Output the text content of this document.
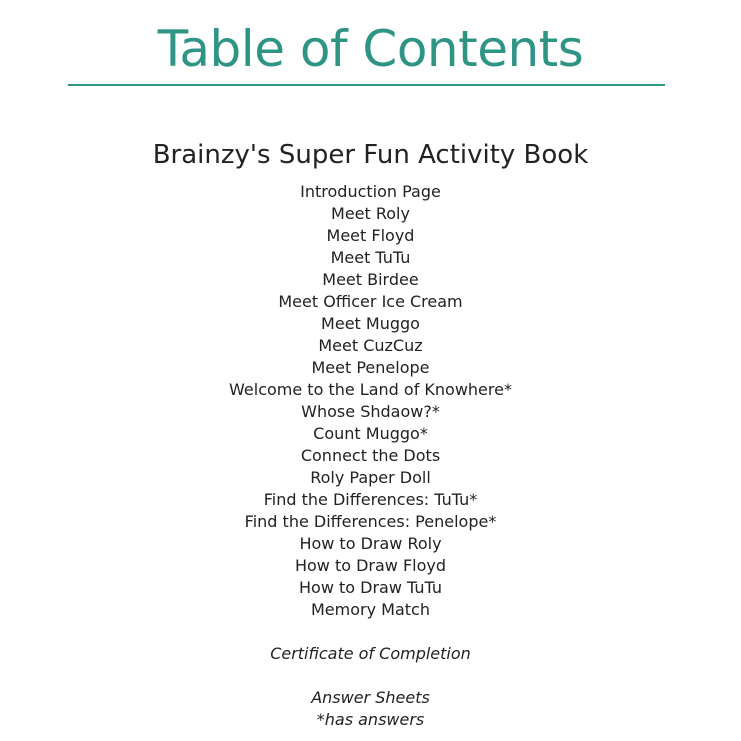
Table of Contents
Brainzy's Super Fun Activity Book
Introduction Page
Meet Roly
Meet Floyd
Meet TuTu
Meet Birdee
Meet Officer Ice Cream
Meet Muggo
Meet CuzCuz
Meet Penelope
Welcome to the Land of Knowhere*
Whose Shdaow?*
Count Muggo*
Connect the Dots
Roly Paper Doll
Find the Differences: TuTu*
Find the Differences: Penelope*
How to Draw Roly
How to Draw Floyd
How to Draw TuTu
Memory Match
Certificate of Completion
Answer Sheets
*has answers
